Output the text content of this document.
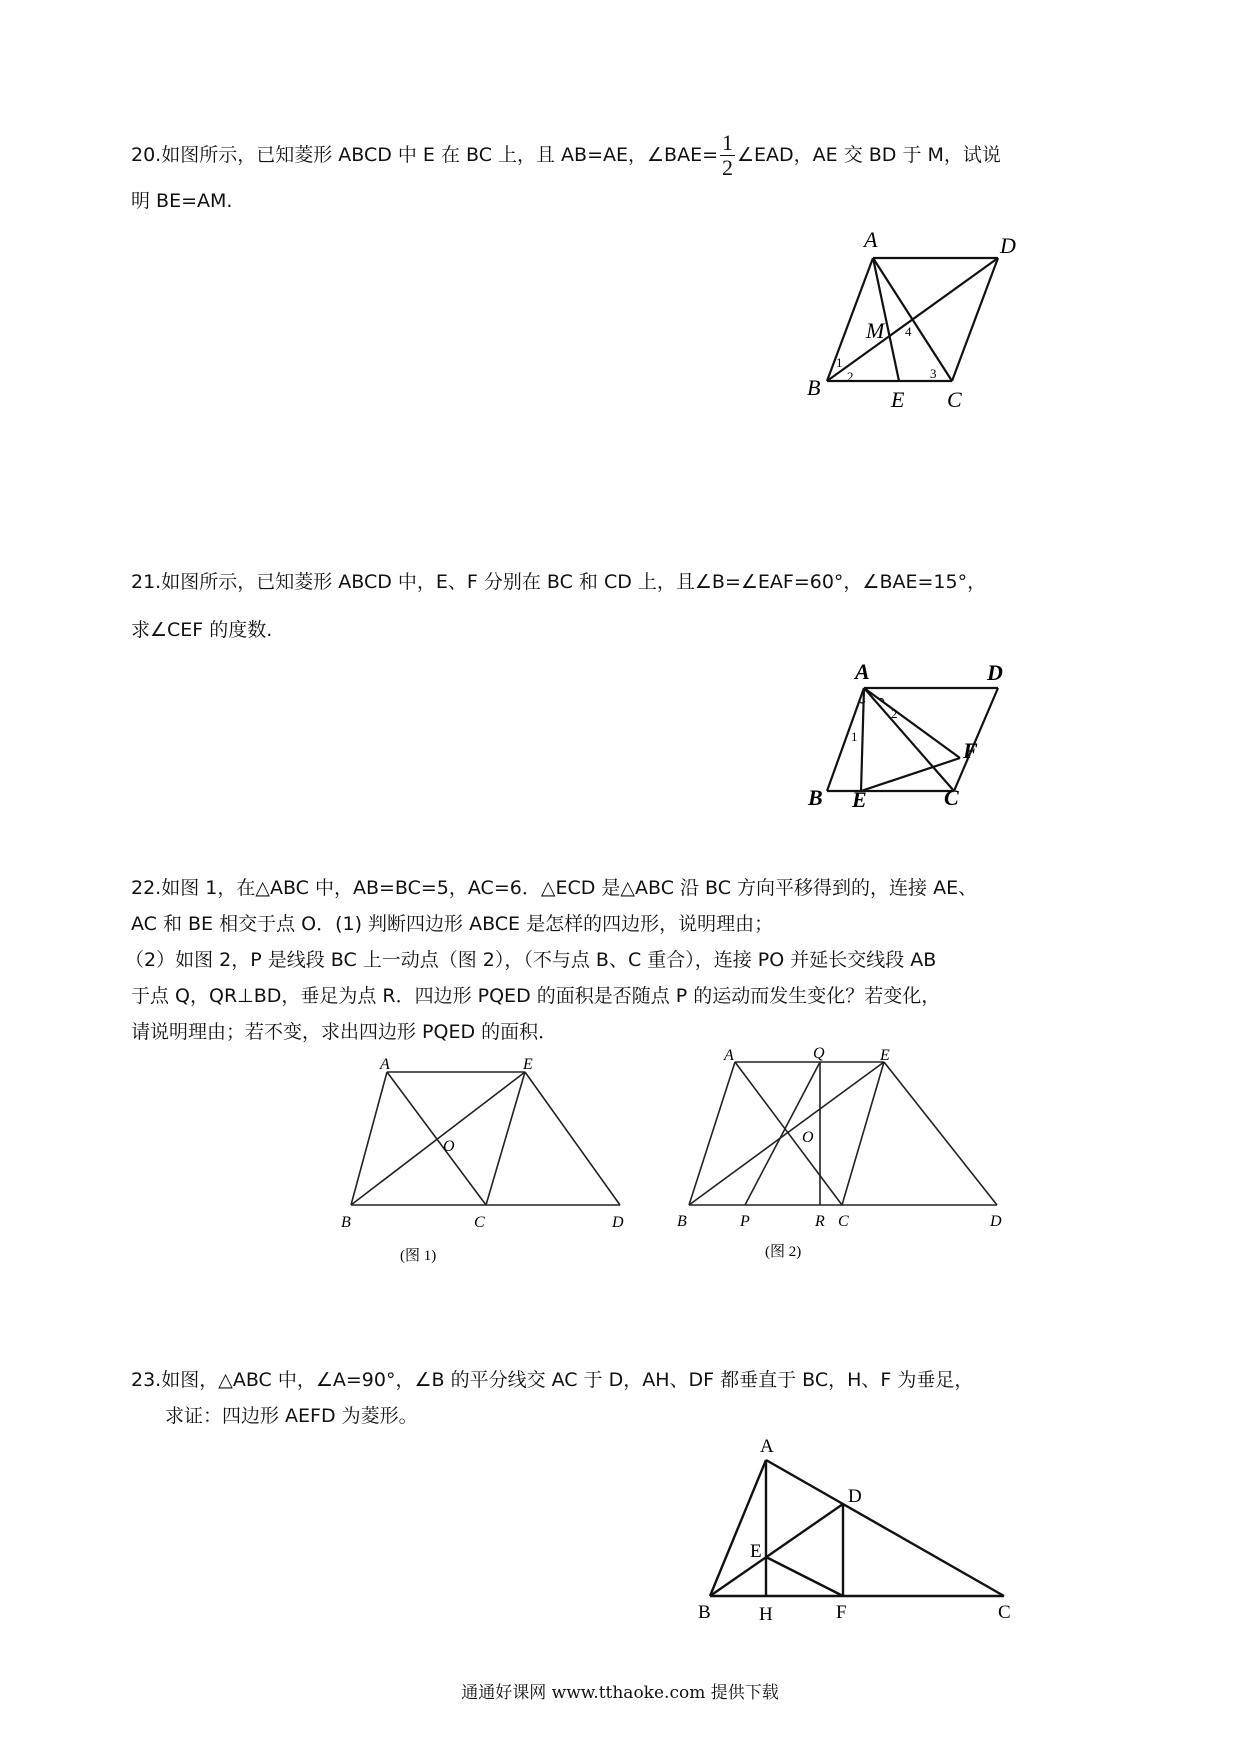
20.如图所示，已知菱形 ABCD 中 E 在 BC 上，且 AB=AE，∠BAE= $\frac{1}{2}$ ∠EAD，AE 交 BD 于 M，试说
明 BE=AM.
A	D
M
B	E C
1
2	3
4
21.如图所示，已知菱形 ABCD 中，E、F 分别在 BC 和 CD 上，且∠B=∠EAF=60°，∠BAE=15°，
求∠CEF 的度数.
A	D
F
B E	C
1
2
22.如图 1，在△ABC 中，AB=BC=5，AC=6．△ECD 是△ABC 沿 BC 方向平移得到的，连接 AE、
AC 和 BE 相交于点 O．(1) 判断四边形 ABCE 是怎样的四边形，说明理由；
（2）如图 2，P 是线段 BC 上一动点（图 2），（不与点 B、C 重合），连接 PO 并延长交线段 AB
于点 Q，QR⊥BD，垂足为点 R．四边形 PQED 的面积是否随点 P 的运动而发生变化？若变化，
请说明理由；若不变，求出四边形 PQED 的面积．
A	E
O
B	C	D
(图 1)
A	Q	E
O
B	P	R C	D
(图 2)
23.如图，△ABC 中，∠A=90°，∠B 的平分线交 AC 于 D，AH、DF 都垂直于 BC，H、F 为垂足，
求证：四边形 AEFD 为菱形。
A
D
E
B	H	F	C
通通好课网 www.tthaoke.com 提供下载
